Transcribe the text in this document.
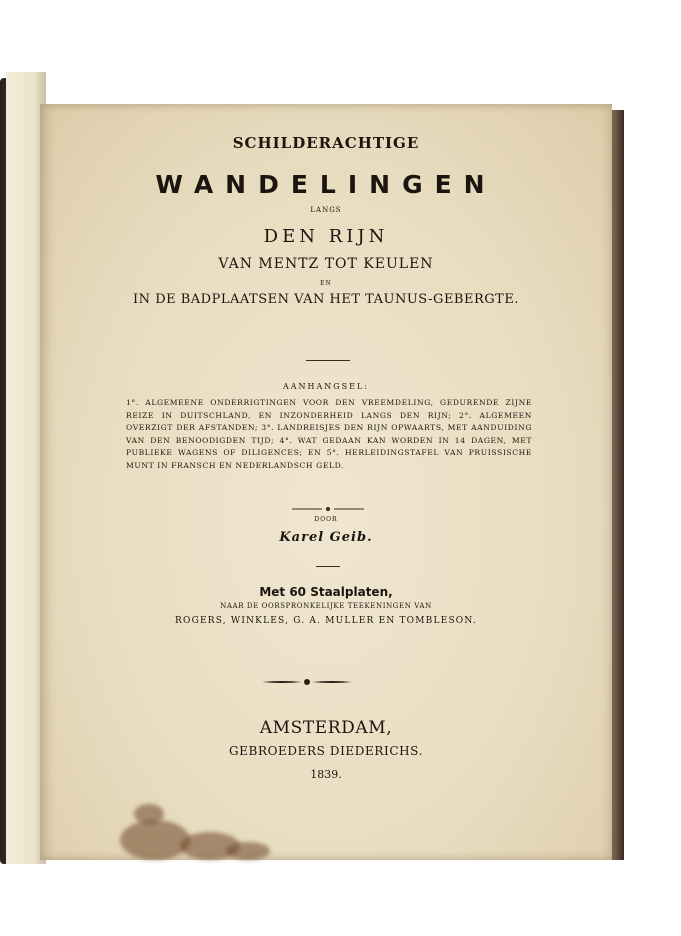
SCHILDERACHTIGE
WANDELINGEN
LANGS
DEN RIJN
VAN MENTZ TOT KEULEN
EN
IN DE BADPLAATSEN VAN HET TAUNUS-GEBERGTE.
AANHANGSEL:
1°. ALGEMEENE ONDERRIGTINGEN VOOR DEN VREEMDELING, GEDURENDE ZIJNE REIZE IN DUITSCHLAND, EN INZONDERHEID LANGS DEN RIJN; 2°. ALGEMEEN OVERZIGT DER AFSTANDEN; 3°. LANDREISJES DEN RIJN OPWAARTS, MET AANDUIDING VAN DEN BENOODIGDEN TIJD; 4°. WAT GEDAAN KAN WORDEN IN 14 DAGEN, MET PUBLIEKE WAGENS OF DILIGENCES; EN 5°. HERLEIDINGSTAFEL VAN PRUISSISCHE MUNT IN FRANSCH EN NEDERLANDSCH GELD.
DOOR
Karel Geib.
Met 60 Staalplaten,
NAAR DE OORSPRONKELIJKE TEEKENINGEN VAN
ROGERS, WINKLES, G. A. MULLER EN TOMBLESON.
AMSTERDAM,
GEBROEDERS DIEDERICHS.
1839.
